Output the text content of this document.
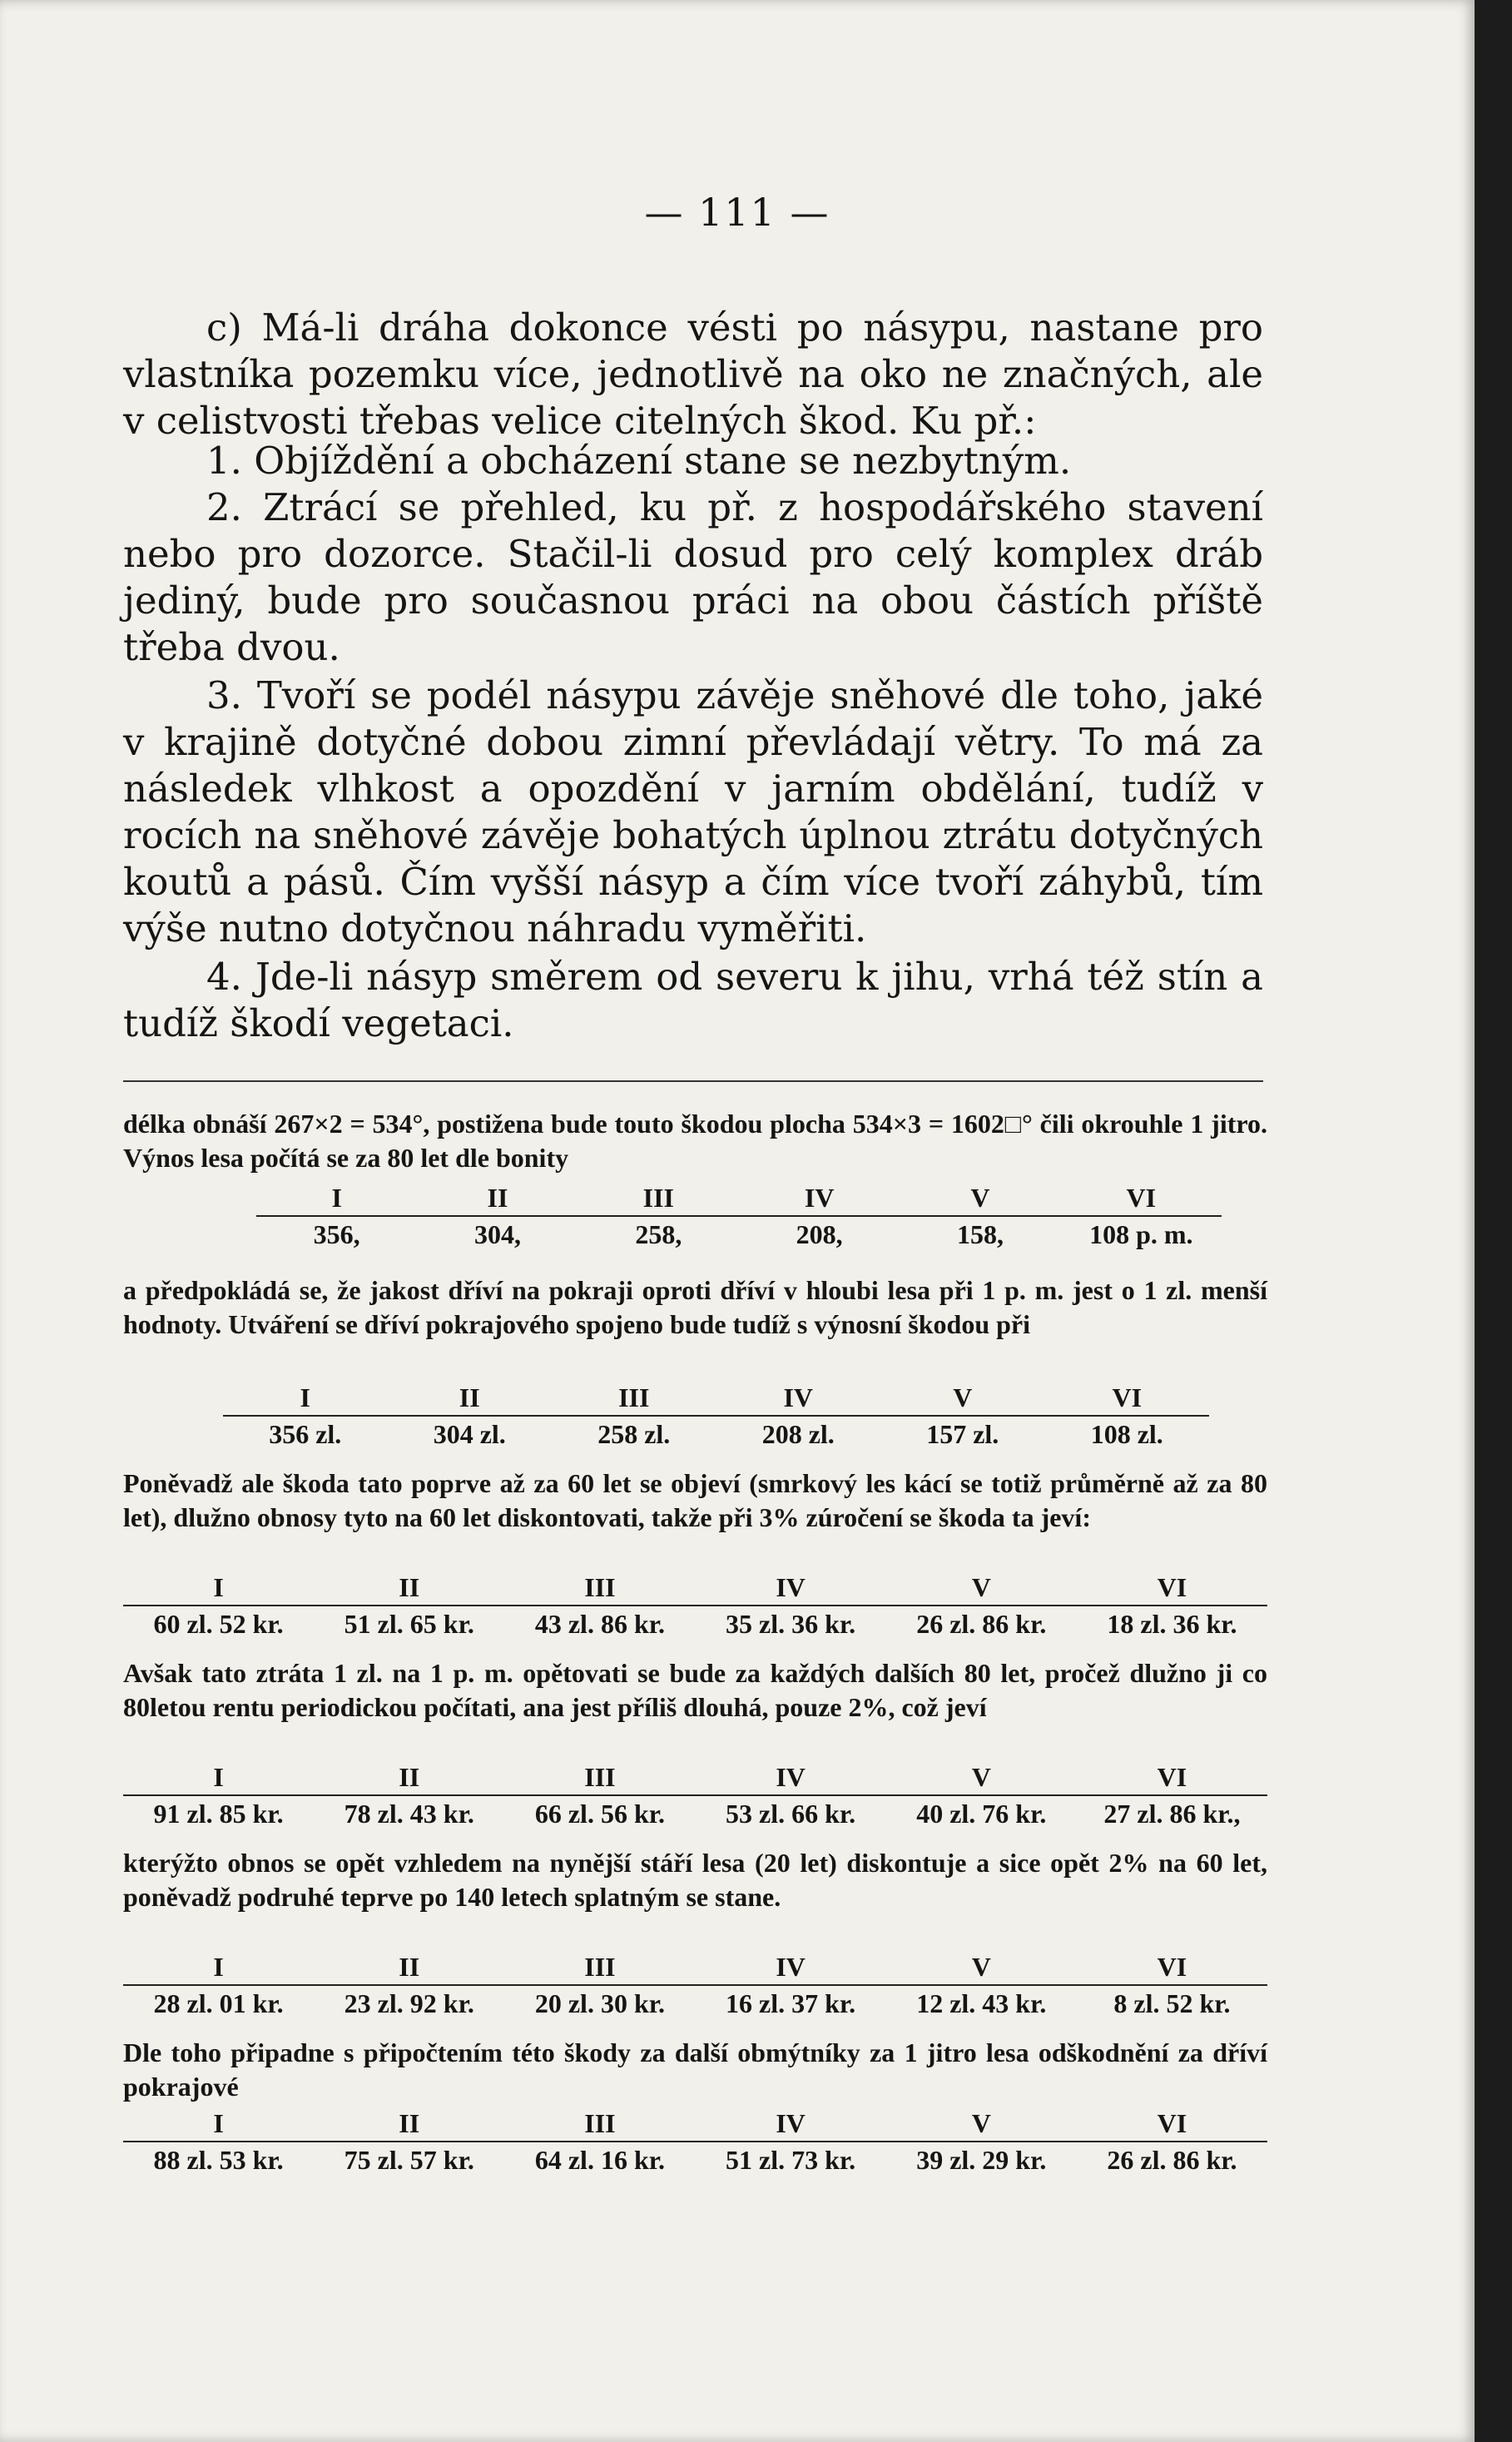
— 111 —

c) Má-li dráha dokonce vésti po násypu, nastane pro vlastníka pozemku více, jednotlivě na oko ne značných, ale v celistvosti třebas velice citelných škod. Ku př.:

1. Objíždění a obcházení stane se nezbytným.

2. Ztrácí se přehled, ku př. z hospodářského stavení nebo pro dozorce. Stačil-li dosud pro celý komplex dráb jediný, bude pro současnou práci na obou částích příště třeba dvou.

3. Tvoří se podél násypu závěje sněhové dle toho, jaké v krajině dotyčné dobou zimní převládají větry. To má za následek vlhkost a opozdění v jarním obdělání, tudíž v rocích na sněhové závěje bohatých úplnou ztrátu dotyčných koutů a pásů. Čím vyšší násyp a čím více tvoří záhybů, tím výše nutno dotyčnou náhradu vyměřiti.

4. Jde-li násyp směrem od severu k jihu, vrhá též stín a tudíž škodí vegetaci.

délka obnáší 267×2 = 534°, postižena bude touto škodou plocha 534×3 = 1602□° čili okrouhle 1 jitro. Výnos lesa počítá se za 80 let dle bonity

I	II	III	IV	V	VI
356,	304,	258,	208,	158,	108 p. m.

a předpokládá se, že jakost dříví na pokraji oproti dříví v hloubi lesa při 1 p. m. jest o 1 zl. menší hodnoty. Utváření se dříví pokrajového spojeno bude tudíž s výnosní škodou při

I	II	III	IV	V	VI
356 zl.	304 zl.	258 zl.	208 zl.	157 zl.	108 zl.

Poněvadž ale škoda tato poprve až za 60 let se objeví (smrkový les kácí se totiž průměrně až za 80 let), dlužno obnosy tyto na 60 let diskontovati, takže při 3% zúročení se škoda ta jeví:

I	II	III	IV	V	VI
60 zl. 52 kr.	51 zl. 65 kr.	43 zl. 86 kr.	35 zl. 36 kr.	26 zl. 86 kr.	18 zl. 36 kr.

Avšak tato ztráta 1 zl. na 1 p. m. opětovati se bude za každých dalších 80 let, pročež dlužno ji co 80letou rentu periodickou počítati, ana jest příliš dlouhá, pouze 2%, což jeví

I	II	III	IV	V	VI
91 zl. 85 kr.	78 zl. 43 kr.	66 zl. 56 kr.	53 zl. 66 kr.	40 zl. 76 kr.	27 zl. 86 kr.,

kterýžto obnos se opět vzhledem na nynější stáří lesa (20 let) diskontuje a sice opět 2% na 60 let, poněvadž podruhé teprve po 140 letech splatným se stane.

I	II	III	IV	V	VI
28 zl. 01 kr.	23 zl. 92 kr.	20 zl. 30 kr.	16 zl. 37 kr.	12 zl. 43 kr.	8 zl. 52 kr.

Dle toho připadne s připočtením této škody za další obmýtníky za 1 jitro lesa odškodnění za dříví pokrajové

I	II	III	IV	V	VI
88 zl. 53 kr.	75 zl. 57 kr.	64 zl. 16 kr.	51 zl. 73 kr.	39 zl. 29 kr.	26 zl. 86 kr.
